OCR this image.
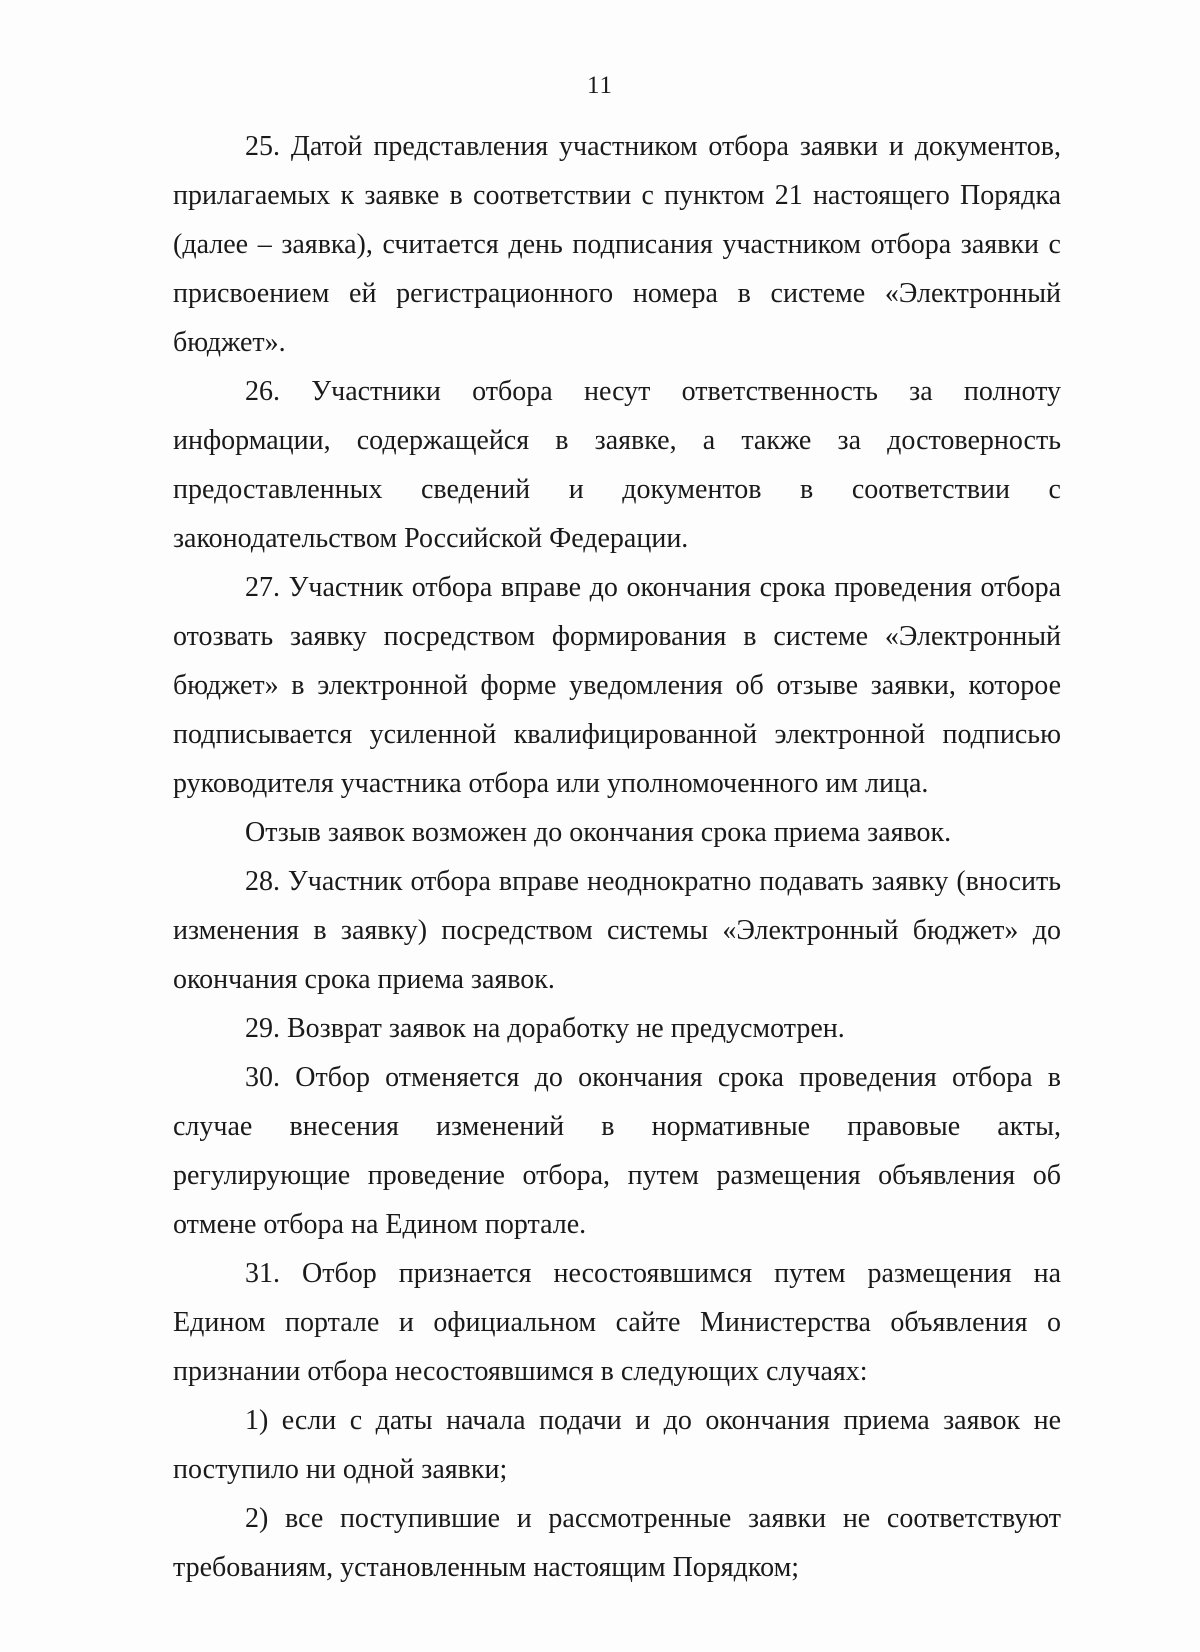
11

25. Датой представления участником отбора заявки и документов, прилагаемых к заявке в соответствии с пунктом 21 настоящего Порядка (далее – заявка), считается день подписания участником отбора заявки с присвоением ей регистрационного номера в системе «Электронный бюджет».

26. Участники отбора несут ответственность за полноту информации, содержащейся в заявке, а также за достоверность предоставленных сведений и документов в соответствии с законодательством Российской Федерации.

27. Участник отбора вправе до окончания срока проведения отбора отозвать заявку посредством формирования в системе «Электронный бюджет» в электронной форме уведомления об отзыве заявки, которое подписывается усиленной квалифицированной электронной подписью руководителя участника отбора или уполномоченного им лица.

Отзыв заявок возможен до окончания срока приема заявок.

28. Участник отбора вправе неоднократно подавать заявку (вносить изменения в заявку) посредством системы «Электронный бюджет» до окончания срока приема заявок.

29. Возврат заявок на доработку не предусмотрен.

30. Отбор отменяется до окончания срока проведения отбора в случае внесения изменений в нормативные правовые акты, регулирующие проведение отбора, путем размещения объявления об отмене отбора на Едином портале.

31. Отбор признается несостоявшимся путем размещения на Едином портале и официальном сайте Министерства объявления о признании отбора несостоявшимся в следующих случаях:

1) если с даты начала подачи и до окончания приема заявок не поступило ни одной заявки;

2) все поступившие и рассмотренные заявки не соответствуют требованиям, установленным настоящим Порядком;
